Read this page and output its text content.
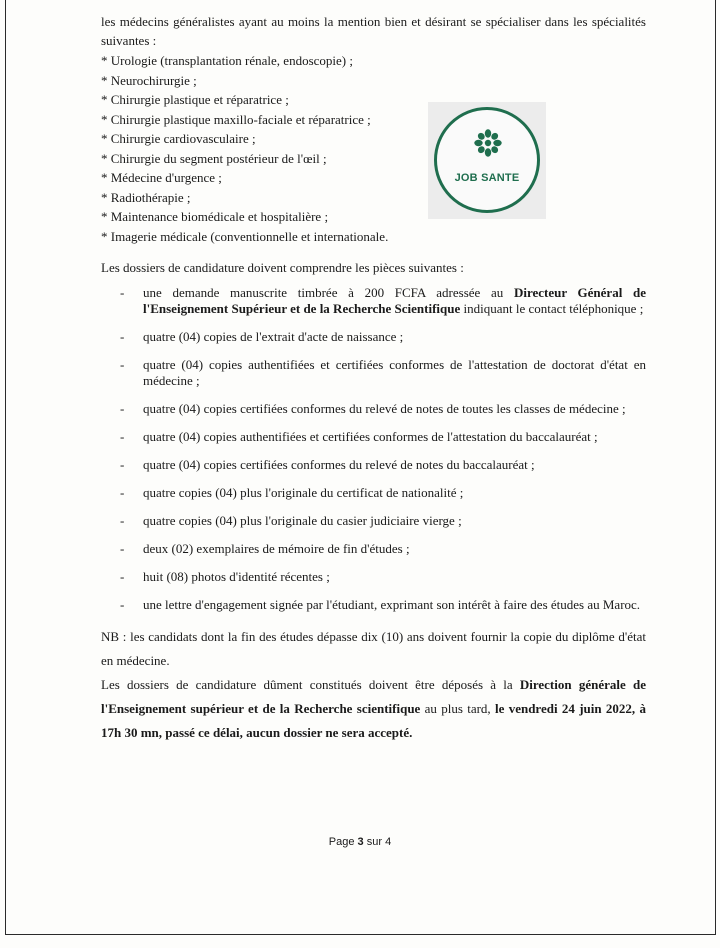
les médecins généralistes ayant au moins la mention bien et désirant se spécialiser dans les spécialités suivantes :

* Urologie (transplantation rénale, endoscopie) ;
* Neurochirurgie ;
* Chirurgie plastique et réparatrice ;
* Chirurgie plastique maxillo-faciale et réparatrice ;
* Chirurgie cardiovasculaire ;
* Chirurgie du segment postérieur de l'œil ;
* Médecine d'urgence ;
* Radiothérapie ;
* Maintenance biomédicale et hospitalière ;
* Imagerie médicale (conventionnelle et internationale.

Les dossiers de candidature doivent comprendre les pièces suivantes :

- une demande manuscrite timbrée à 200 FCFA adressée au Directeur Général de l'Enseignement Supérieur et de la Recherche Scientifique indiquant le contact téléphonique ;
- quatre (04) copies de l'extrait d'acte de naissance ;
- quatre (04) copies authentifiées et certifiées conformes de l'attestation de doctorat d'état en médecine ;
- quatre (04) copies certifiées conformes du relevé de notes de toutes les classes de médecine ;
- quatre (04) copies authentifiées et certifiées conformes de l'attestation du baccalauréat ;
- quatre (04) copies certifiées conformes du relevé de notes du baccalauréat ;
- quatre copies (04) plus l'originale du certificat de nationalité ;
- quatre copies (04) plus l'originale du casier judiciaire vierge ;
- deux (02) exemplaires de mémoire de fin d'études ;
- huit (08) photos d'identité récentes ;
- une lettre d'engagement signée par l'étudiant, exprimant son intérêt à faire des études au Maroc.

NB : les candidats dont la fin des études dépasse dix (10) ans doivent fournir la copie du diplôme d'état en médecine.

Les dossiers de candidature dûment constitués doivent être déposés à la Direction générale de l'Enseignement supérieur et de la Recherche scientifique au plus tard, le vendredi 24 juin 2022, à 17h 30 mn, passé ce délai, aucun dossier ne sera accepté.

Page 3 sur 4
JOB SANTE
